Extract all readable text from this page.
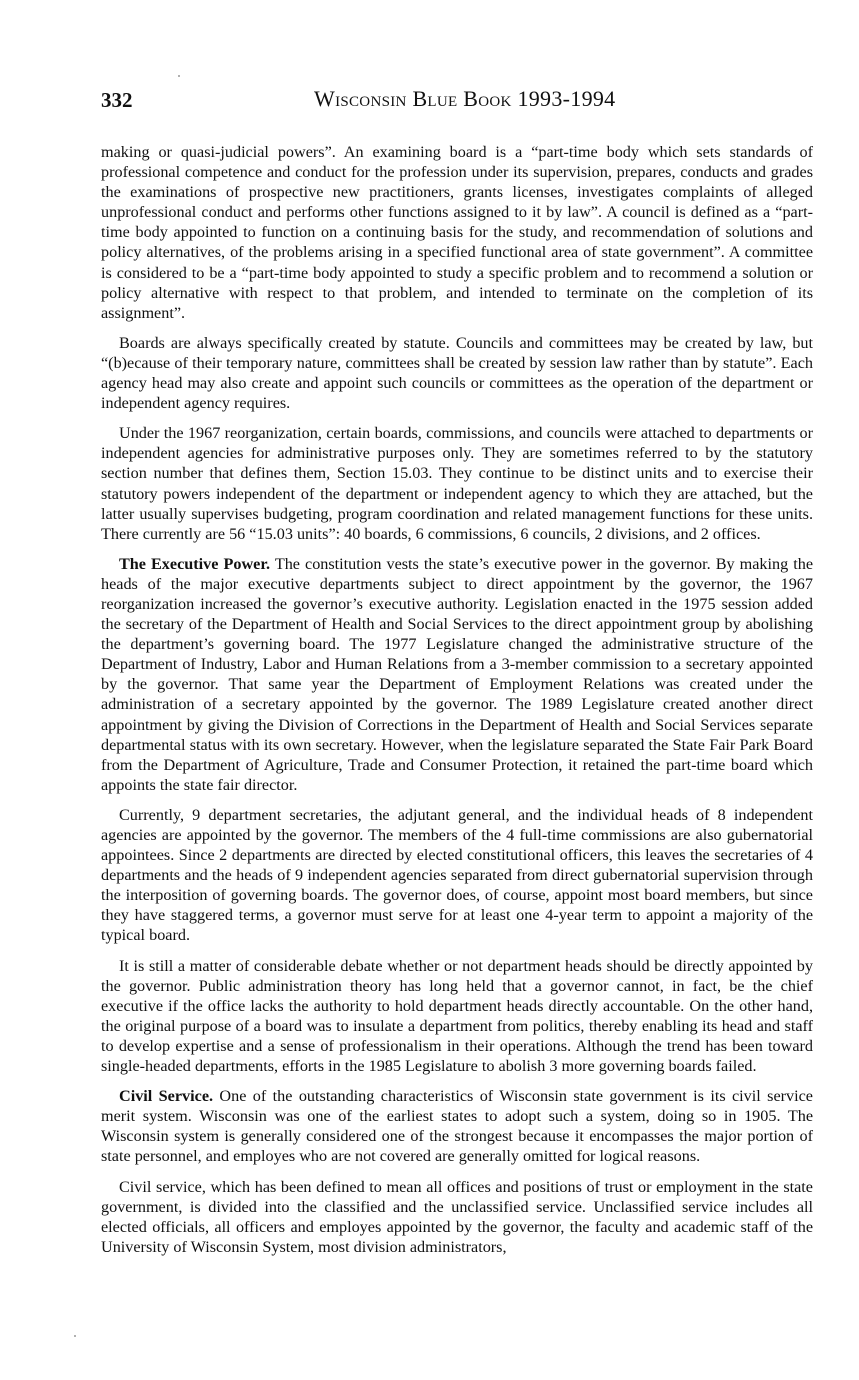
332	Wisconsin Blue Book 1993-1994

making or quasi-judicial powers”. An examining board is a “part-time body which sets standards of professional competence and conduct for the profession under its supervision, prepares, conducts and grades the examinations of prospective new practitioners, grants licenses, investigates complaints of alleged unprofessional conduct and performs other functions assigned to it by law”. A council is defined as a “part-time body appointed to function on a continuing basis for the study, and recommendation of solutions and policy alternatives, of the problems arising in a specified functional area of state government”. A committee is considered to be a “part-time body appointed to study a specific problem and to recommend a solution or policy alternative with respect to that problem, and intended to terminate on the completion of its assignment”.

Boards are always specifically created by statute. Councils and committees may be created by law, but “(b)ecause of their temporary nature, committees shall be created by session law rather than by statute”. Each agency head may also create and appoint such councils or committees as the operation of the department or independent agency requires.

Under the 1967 reorganization, certain boards, commissions, and councils were attached to departments or independent agencies for administrative purposes only. They are sometimes referred to by the statutory section number that defines them, Section 15.03. They continue to be distinct units and to exercise their statutory powers independent of the department or independent agency to which they are attached, but the latter usually supervises budgeting, program coordination and related management functions for these units. There currently are 56 “15.03 units”: 40 boards, 6 commissions, 6 councils, 2 divisions, and 2 offices.

The Executive Power. The constitution vests the state’s executive power in the governor. By making the heads of the major executive departments subject to direct appointment by the governor, the 1967 reorganization increased the governor’s executive authority. Legislation enacted in the 1975 session added the secretary of the Department of Health and Social Services to the direct appointment group by abolishing the department’s governing board. The 1977 Legislature changed the administrative structure of the Department of Industry, Labor and Human Relations from a 3-member commission to a secretary appointed by the governor. That same year the Department of Employment Relations was created under the administration of a secretary appointed by the governor. The 1989 Legislature created another direct appointment by giving the Division of Corrections in the Department of Health and Social Services separate departmental status with its own secretary. However, when the legislature separated the State Fair Park Board from the Department of Agriculture, Trade and Consumer Protection, it retained the part-time board which appoints the state fair director.

Currently, 9 department secretaries, the adjutant general, and the individual heads of 8 independent agencies are appointed by the governor. The members of the 4 full-time commissions are also gubernatorial appointees. Since 2 departments are directed by elected constitutional officers, this leaves the secretaries of 4 departments and the heads of 9 independent agencies separated from direct gubernatorial supervision through the interposition of governing boards. The governor does, of course, appoint most board members, but since they have staggered terms, a governor must serve for at least one 4-year term to appoint a majority of the typical board.

It is still a matter of considerable debate whether or not department heads should be directly appointed by the governor. Public administration theory has long held that a governor cannot, in fact, be the chief executive if the office lacks the authority to hold department heads directly accountable. On the other hand, the original purpose of a board was to insulate a department from politics, thereby enabling its head and staff to develop expertise and a sense of professionalism in their operations. Although the trend has been toward single-headed departments, efforts in the 1985 Legislature to abolish 3 more governing boards failed.

Civil Service. One of the outstanding characteristics of Wisconsin state government is its civil service merit system. Wisconsin was one of the earliest states to adopt such a system, doing so in 1905. The Wisconsin system is generally considered one of the strongest because it encompasses the major portion of state personnel, and employes who are not covered are generally omitted for logical reasons.

Civil service, which has been defined to mean all offices and positions of trust or employment in the state government, is divided into the classified and the unclassified service. Unclassified service includes all elected officials, all officers and employes appointed by the governor, the faculty and academic staff of the University of Wisconsin System, most division administrators,
